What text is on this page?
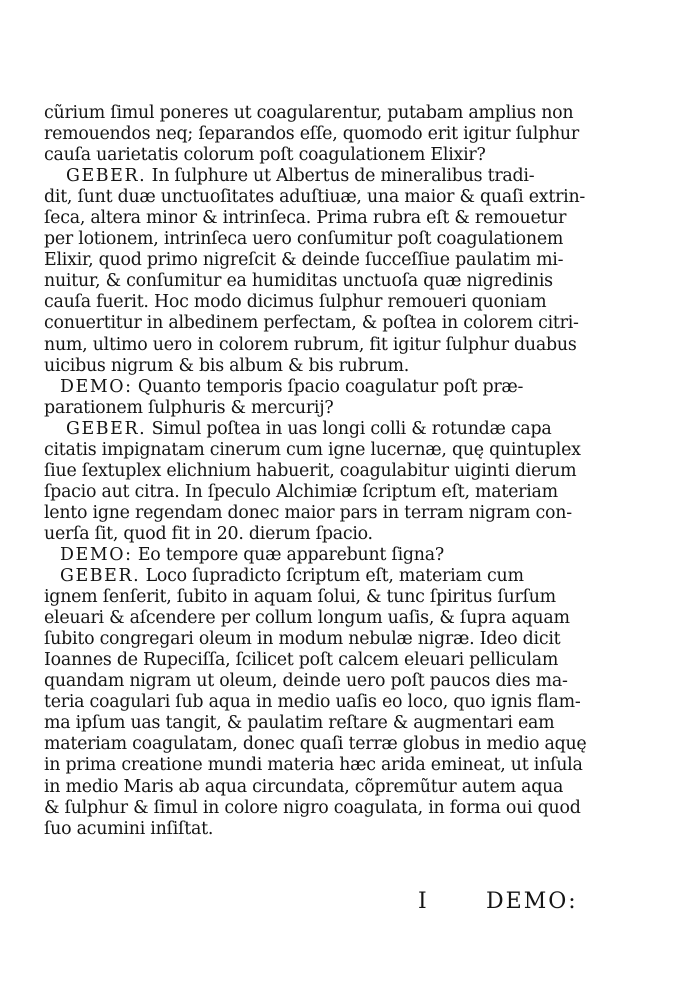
cũrium ſimul poneres ut coagularentur, putabam amplius non
remouendos neq; ſeparandos eſſe, quomodo erit igitur ſulphur
cauſa uarietatis colorum poſt coagulationem Elixir?
GEBER. In ſulphure ut Albertus de mineralibus tradi-
dit, ſunt duæ unctuoſitates aduſtiuæ, una maior & quaſi extrin-
ſeca, altera minor & intrinſeca. Prima rubra eſt & remouetur
per lotionem, intrinſeca uero conſumitur poſt coagulationem
Elixir, quod primo nigreſcit & deinde ſucceſſiue paulatim mi-
nuitur, & conſumitur ea humiditas unctuoſa quæ nigredinis
cauſa fuerit. Hoc modo dicimus ſulphur remoueri quoniam
conuertitur in albedinem perfectam, & poſtea in colorem citri-
num, ultimo uero in colorem rubrum, fit igitur ſulphur duabus
uicibus nigrum & bis album & bis rubrum.
DEMO: Quanto temporis ſpacio coagulatur poſt præ-
parationem ſulphuris & mercurij?
GEBER. Simul poſtea in uas longi colli & rotundæ capa
citatis impignatam cinerum cum igne lucernæ, quę quintuplex
ſiue ſextuplex elichnium habuerit, coagulabitur uiginti dierum
ſpacio aut citra. In ſpeculo Alchimiæ ſcriptum eſt, materiam
lento igne regendam donec maior pars in terram nigram con-
uerſa ſit, quod fit in 20. dierum ſpacio.
DEMO: Eo tempore quæ apparebunt ſigna?
GEBER. Loco ſupradicto ſcriptum eſt, materiam cum
ignem ſenſerit, ſubito in aquam ſolui, & tunc ſpiritus ſurſum
eleuari & aſcendere per collum longum uaſis, & ſupra aquam
ſubito congregari oleum in modum nebulæ nigræ. Ideo dicit
Ioannes de Rupeciſſa, ſcilicet poſt calcem eleuari pelliculam
quandam nigram ut oleum, deinde uero poſt paucos dies ma-
teria coagulari ſub aqua in medio uaſis eo loco, quo ignis flam-
ma ipſum uas tangit, & paulatim reſtare & augmentari eam
materiam coagulatam, donec quaſi terræ globus in medio aquę
in prima creatione mundi materia hæc arida emineat, ut inſula
in medio Maris ab aqua circundata, cõpremũtur autem aqua
& ſulphur & ſimul in colore nigro coagulata, in forma oui quod
ſuo acumini inſiſtat.
I	DEMO:
